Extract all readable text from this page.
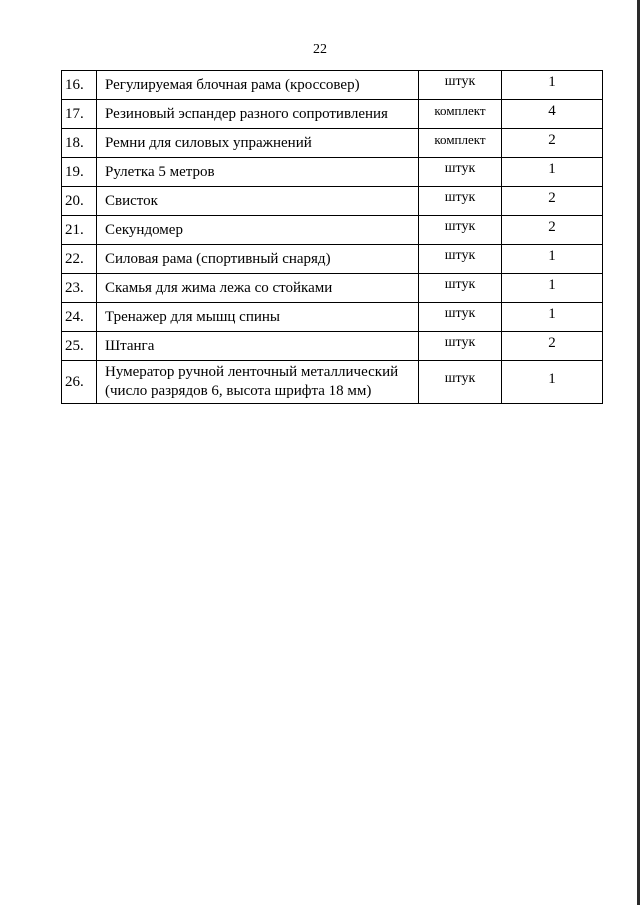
22
16.	Регулируемая блочная рама (кроссовер)	штук	1
17.	Резиновый эспандер разного сопротивления	комплект	4
18.	Ремни для силовых упражнений	комплект	2
19.	Рулетка 5 метров	штук	1
20.	Свисток	штук	2
21.	Секундомер	штук	2
22.	Силовая рама (спортивный снаряд)	штук	1
23.	Скамья для жима лежа со стойками	штук	1
24.	Тренажер для мышц спины	штук	1
25.	Штанга	штук	2
26.	Нумератор ручной ленточный металлический (число разрядов 6, высота шрифта 18 мм)	штук	1
